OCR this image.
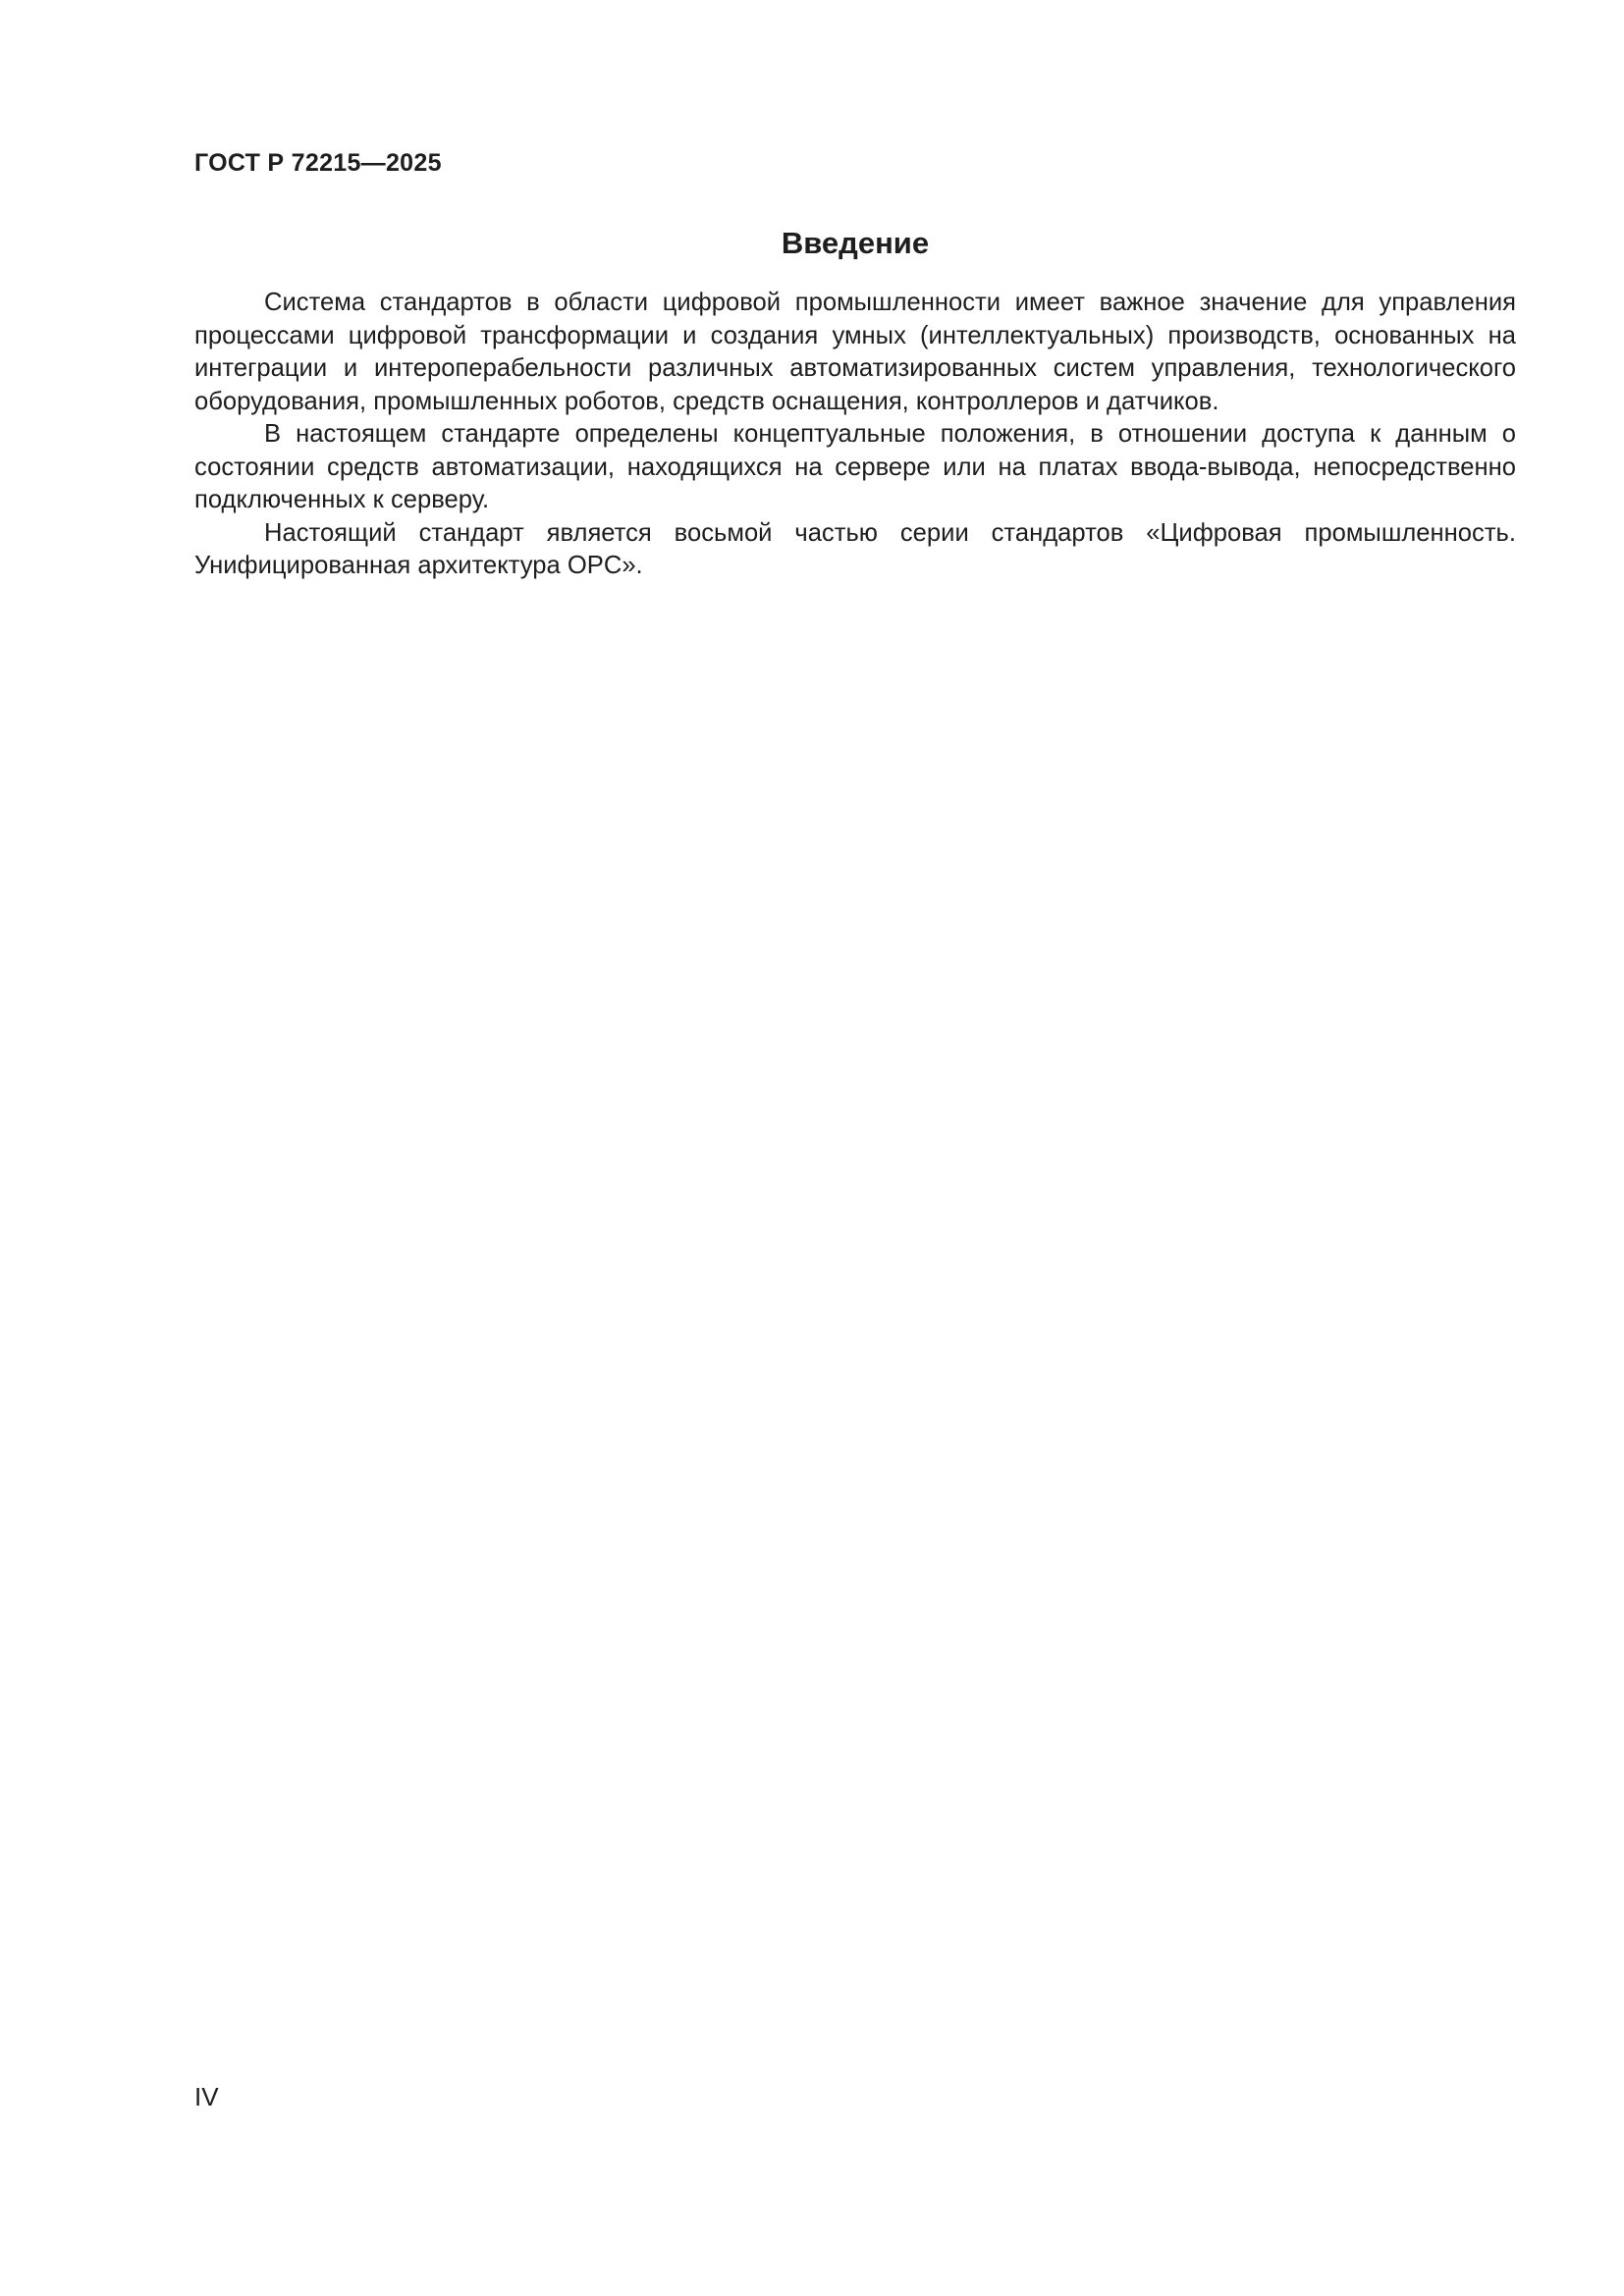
ГОСТ Р 72215—2025
Введение

Система стандартов в области цифровой промышленности имеет важное значение для управления процессами цифровой трансформации и создания умных (интеллектуальных) производств, основанных на интеграции и интероперабельности различных автоматизированных систем управления, технологического оборудования, промышленных роботов, средств оснащения, контроллеров и датчиков.

В настоящем стандарте определены концептуальные положения, в отношении доступа к данным о состоянии средств автоматизации, находящихся на сервере или на платах ввода-вывода, непосредственно подключенных к серверу.

Настоящий стандарт является восьмой частью серии стандартов «Цифровая промышленность. Унифицированная архитектура OPC».

IV
